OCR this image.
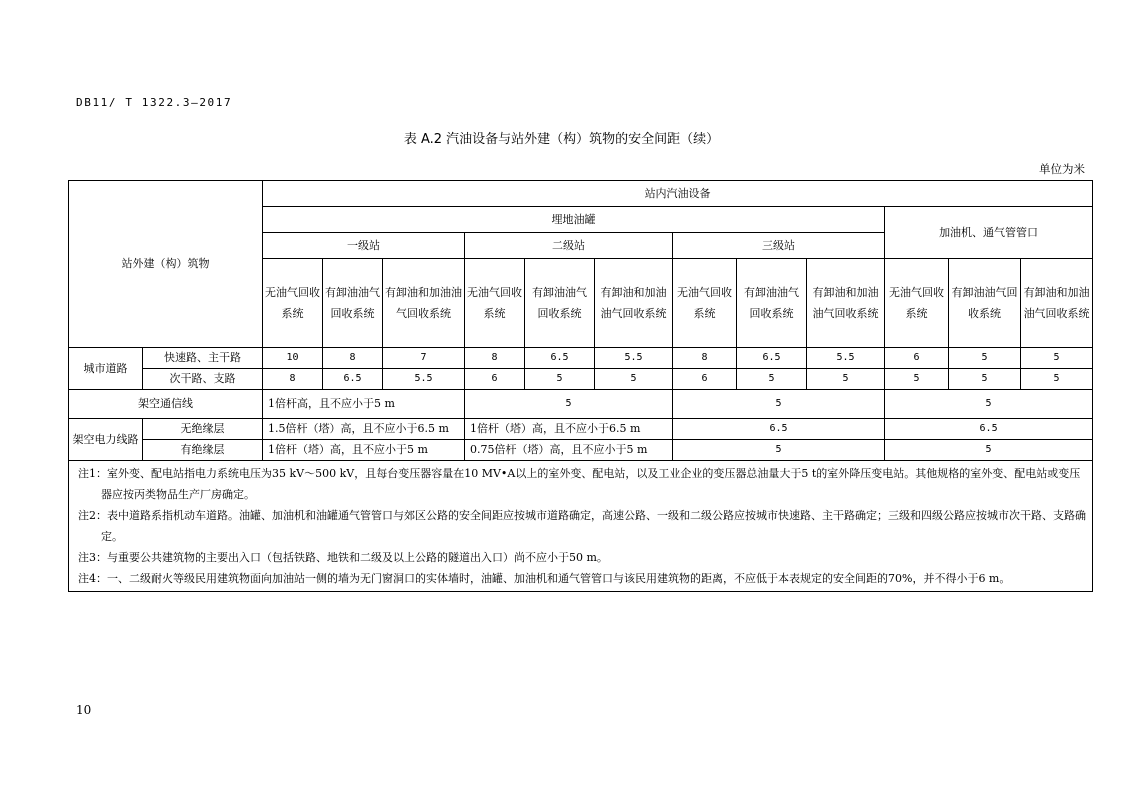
DB11/ T 1322.3—2017
表 A.2 汽油设备与站外建（构）筑物的安全间距（续）
单位为米
站外建（构）筑物		站内汽油设备											
		埋地油罐									加油机、通气管管口		
		一级站			二级站			三级站					
		无油气回收系统	有卸油油气回收系统	有卸油和加油油气回收系统	无油气回收系统	有卸油油气回收系统	有卸油和加油油气回收系统	无油气回收系统	有卸油油气回收系统	有卸油和加油油气回收系统	无油气回收系统	有卸油油气回收系统	有卸油和加油油气回收系统
城市道路	快速路、主干路	10	8	7	8	6.5	5.5	8	6.5	5.5	6	5	5
	次干路、支路	8	6.5	5.5	6	5	5	6	5	5	5	5	5
架空通信线		1倍杆高，且不应小于5 m			5			5			5		
架空电力线路	无绝缘层	1.5倍杆（塔）高，且不应小于6.5 m			1倍杆（塔）高，且不应小于6.5 m			6.5			6.5		
	有绝缘层	1倍杆（塔）高，且不应小于5 m			0.75倍杆（塔）高，且不应小于5 m			5			5		

注1：室外变、配电站指电力系统电压为35 kV～500 kV，且每台变压器容量在10 MV•A以上的室外变、配电站，以及工业企业的变压器总油量大于5 t的室外降压变电站。其他规格的室外变、配电站或变压器应按丙类物品生产厂房确定。
注2：表中道路系指机动车道路。油罐、加油机和油罐通气管管口与郊区公路的安全间距应按城市道路确定，高速公路、一级和二级公路应按城市快速路、主干路确定；三级和四级公路应按城市次干路、支路确定。
注3：与重要公共建筑物的主要出入口（包括铁路、地铁和二级及以上公路的隧道出入口）尚不应小于50 m。
注4：一、二级耐火等级民用建筑物面向加油站一侧的墙为无门窗洞口的实体墙时，油罐、加油机和通气管管口与该民用建筑物的距离，不应低于本表规定的安全间距的70%，并不得小于6 m。													
10
